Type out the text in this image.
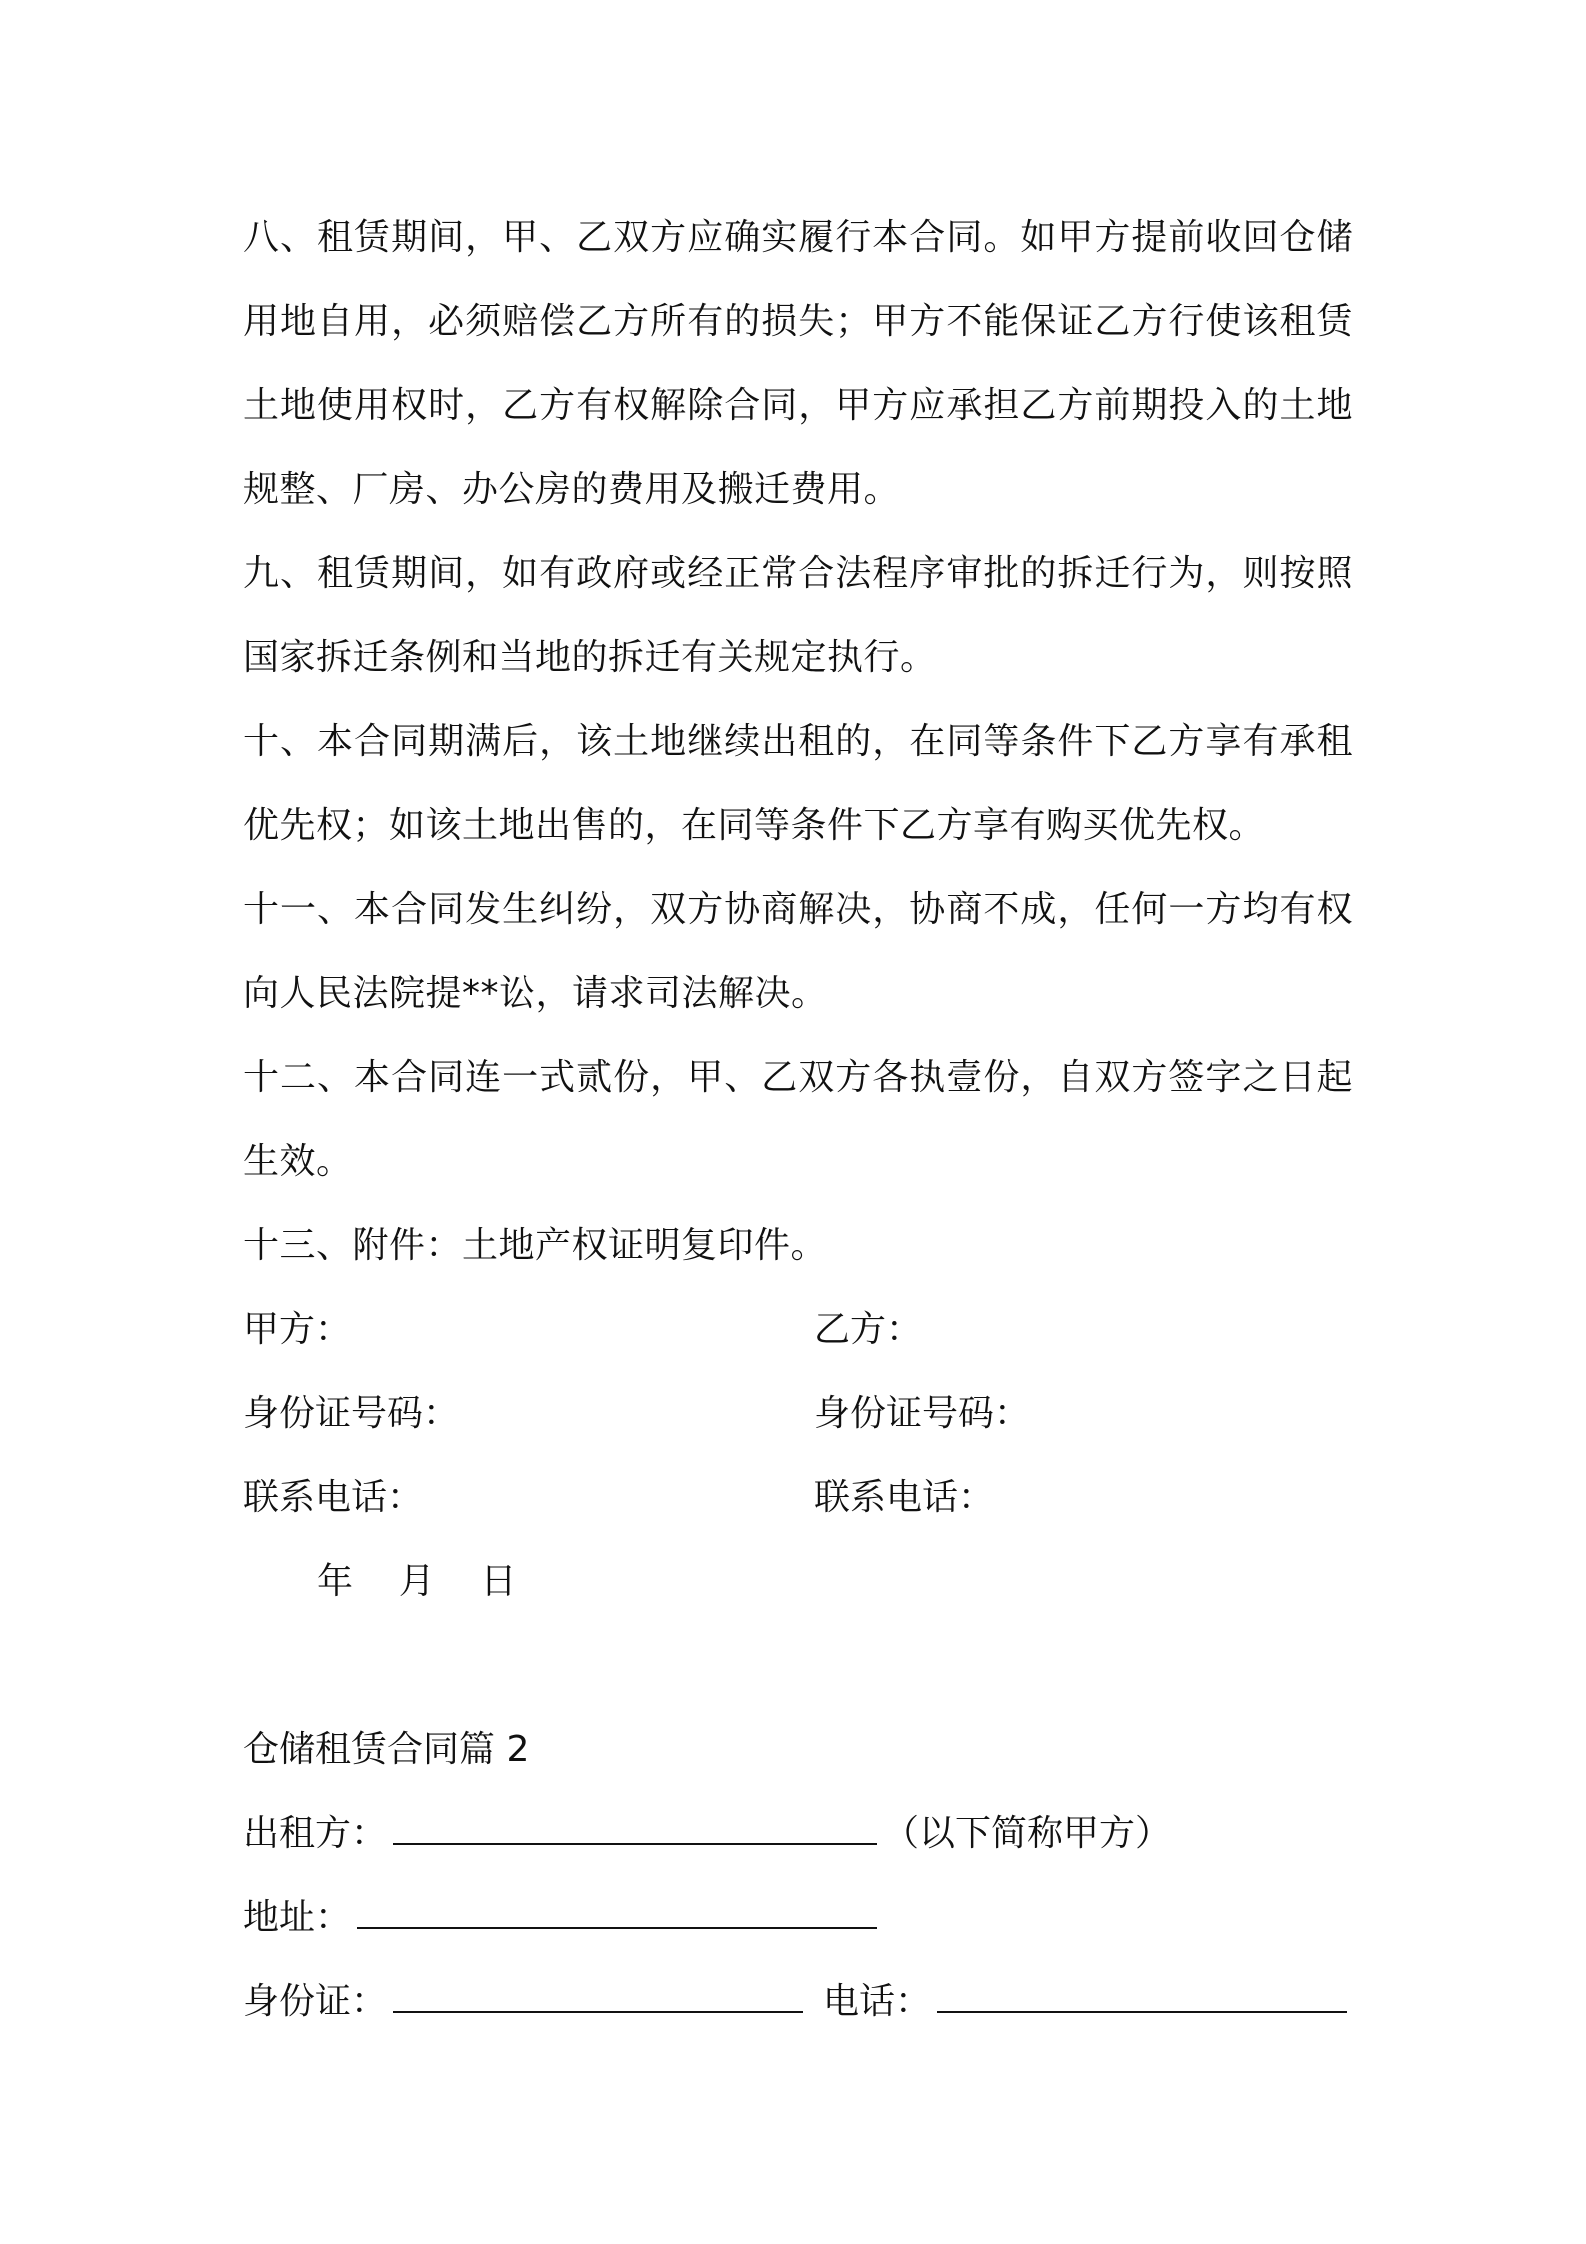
八、租赁期间，甲、乙双方应确实履行本合同。如甲方提前收回仓储用地自用，必须赔偿乙方所有的损失；甲方不能保证乙方行使该租赁土地使用权时，乙方有权解除合同，甲方应承担乙方前期投入的土地规整、厂房、办公房的费用及搬迁费用。

九、租赁期间，如有政府或经正常合法程序审批的拆迁行为，则按照国家拆迁条例和当地的拆迁有关规定执行。

十、本合同期满后，该土地继续出租的，在同等条件下乙方享有承租优先权；如该土地出售的，在同等条件下乙方享有购买优先权。

十一、本合同发生纠纷，双方协商解决，协商不成，任何一方均有权向人民法院提**讼，请求司法解决。

十二、本合同连一式贰份，甲、乙双方各执壹份，自双方签字之日起生效。

十三、附件：土地产权证明复印件。

甲方：	乙方：
身份证号码：	身份证号码：
联系电话：	联系电话：
年    月    日
仓储租赁合同篇 2
出租方：	（以下简称甲方）
地址：
身份证：	电话：
